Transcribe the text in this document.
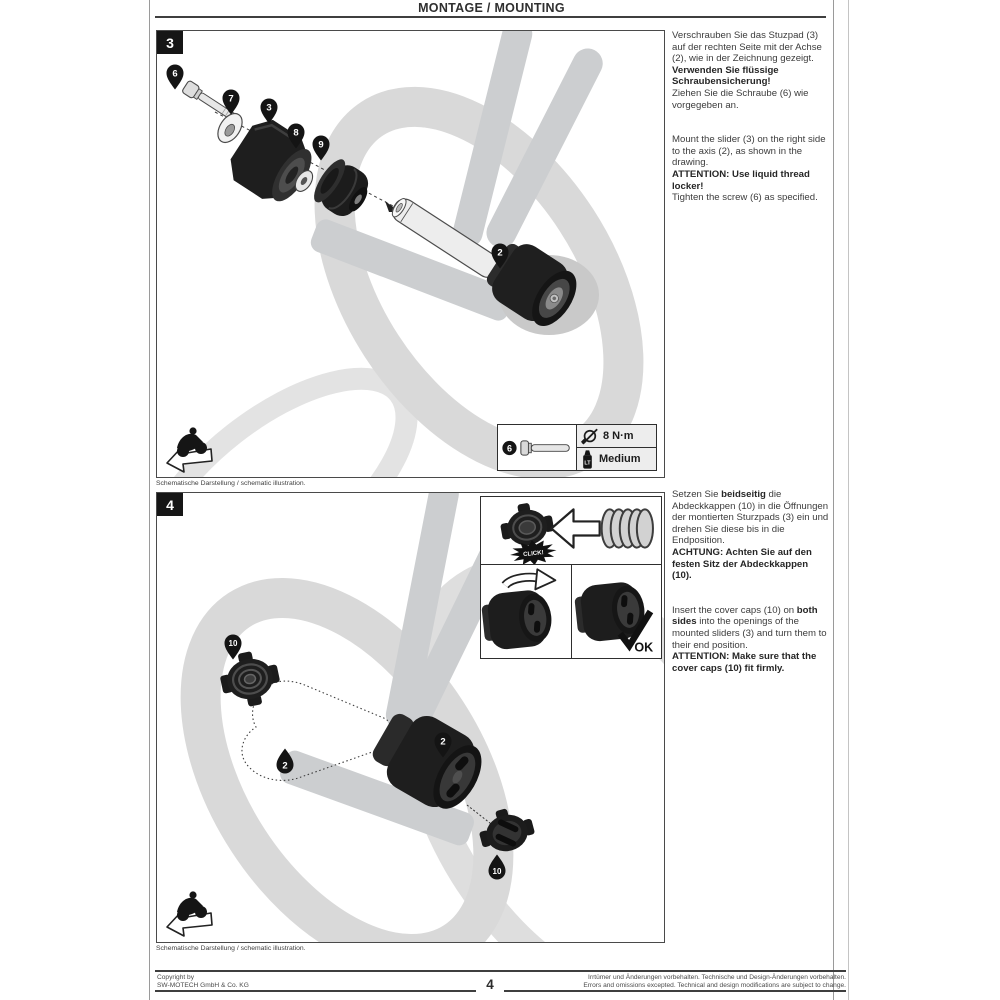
MONTAGE / MOUNTING
6
7
3
8
9
2
3
6
8 N·m
LT Medium
Schematische Darstellung / schematic illustration.
10
2
2
10
4
CLICK!
OK
Schematische Darstellung / schematic illustration.
Verschrauben Sie das Stuzpad (3) auf der rechten Seite mit der Achse (2), wie in der Zeichnung gezeigt.
Verwenden Sie flüssige Schraubensicherung!
Ziehen Sie die Schraube (6) wie vorgegeben an.
Mount the slider (3) on the right side to the axis (2), as shown in the drawing.
ATTENTION: Use liquid thread locker!
Tighten the screw (6) as specified.
Setzen Sie beidseitig die Abdeckkappen (10) in die Öffnungen der montierten Sturzpads (3) ein und drehen Sie diese bis in die Endposition.
ACHTUNG: Achten Sie auf den festen Sitz der Abdeckkappen (10).
Insert the cover caps (10) on both sides into the openings of the mounted sliders (3) and turn them to their end position.
ATTENTION: Make sure that the cover caps (10) fit firmly.
Copyright by
SW-MOTECH GmbH & Co. KG
Irrtümer und Änderungen vorbehalten. Technische und Design-Änderungen vorbehalten.
Errors and omissions excepted. Technical and design modifications are subject to change.
4
